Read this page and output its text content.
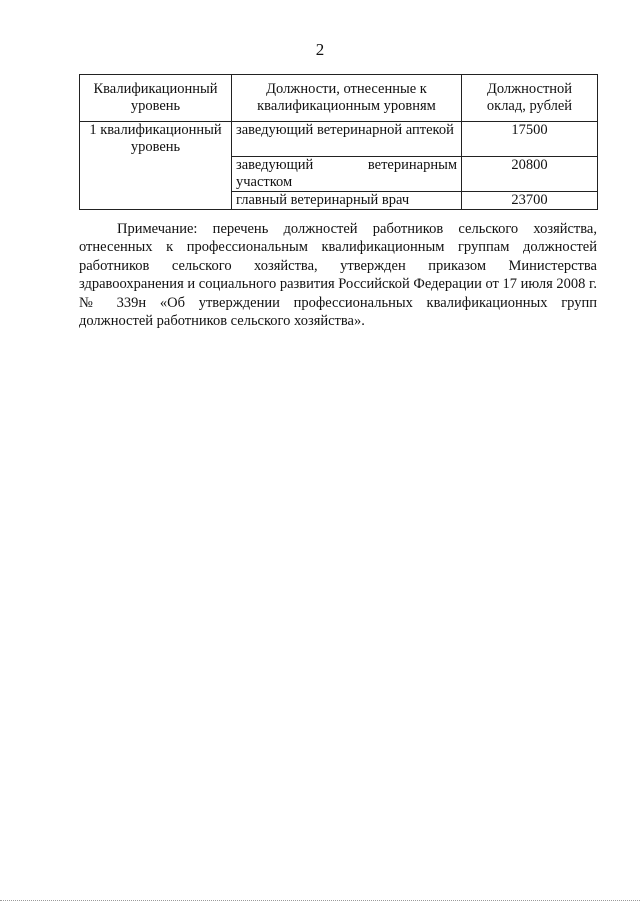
2
Квалификационный уровень	Должности, отнесенные к квалификационным уровням	Должностной оклад, рублей
1 квалификационный уровень	заведующий ветеринарной аптекой	17500
	заведующий ветеринарным участком	20800
	главный ветеринарный врач	23700

Примечание: перечень должностей работников сельского хозяйства, отнесенных к профессиональным квалификационным группам должностей работников сельского хозяйства, утвержден приказом Министерства здравоохранения и социального развития Российской Федерации от 17 июля 2008 г. № 339н «Об утверждении профессиональных квалификационных групп должностей работников сельского хозяйства».
